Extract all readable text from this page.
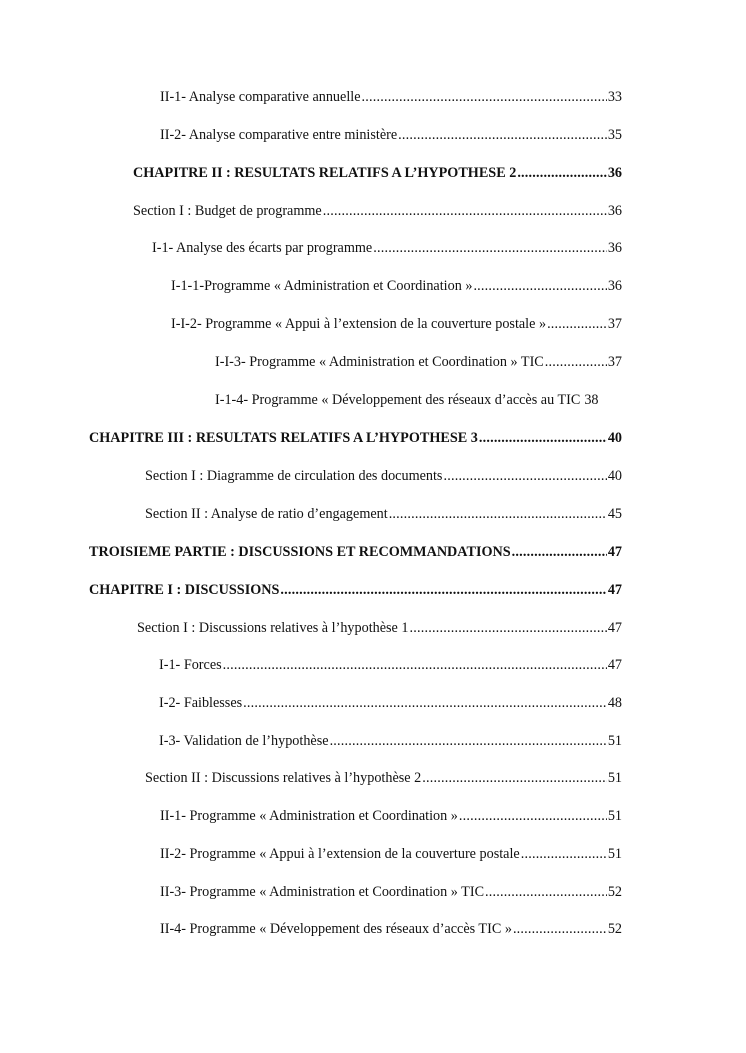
II-1- Analyse comparative annuelle .....	33
II-2- Analyse comparative entre ministère .....	35
CHAPITRE II : RESULTATS RELATIFS A L’HYPOTHESE 2 .....	36
Section I : Budget de programme .....	36
I-1- Analyse des écarts par programme .....	36
I-1-1-Programme « Administration et Coordination » .....	36
I-I-2- Programme « Appui à l’extension de la couverture postale » .....	37
I-I-3- Programme « Administration et Coordination » TIC .....	37
I-1-4- Programme « Développement des réseaux d’accès au TIC 38
CHAPITRE III : RESULTATS RELATIFS A L’HYPOTHESE 3 .....	40
Section I : Diagramme de circulation des documents .....	40
Section II : Analyse de ratio d’engagement .....	45
TROISIEME PARTIE : DISCUSSIONS ET RECOMMANDATIONS .....	47
CHAPITRE I : DISCUSSIONS .....	47
Section I : Discussions relatives à l’hypothèse 1 .....	47
I-1- Forces .....	47
I-2- Faiblesses .....	48
I-3- Validation de l’hypothèse .....	51
Section II : Discussions relatives à l’hypothèse 2 .....	51
II-1- Programme « Administration et Coordination » .....	51
II-2- Programme « Appui à l’extension de la couverture postale .....	51
II-3- Programme « Administration et Coordination » TIC .....	52
II-4- Programme « Développement des réseaux d’accès TIC » .....	52
